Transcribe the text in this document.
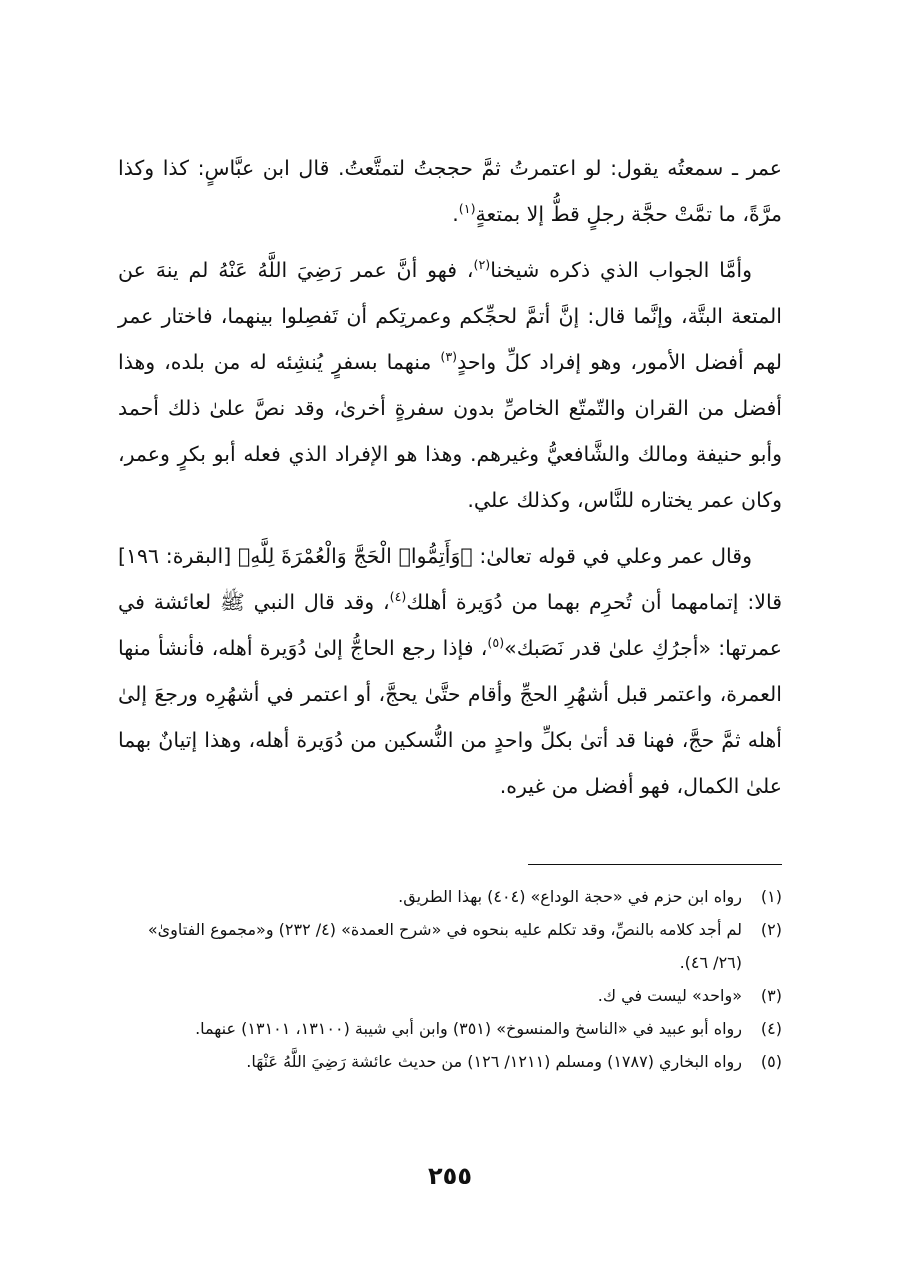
عمر ـ سمعتُه يقول: لو اعتمرتُ ثمَّ حججتُ لتمتَّعتُ. قال ابن عبَّاسٍ: كذا وكذا مرَّةً، ما تمَّتْ حجَّة رجلٍ قطُّ إلا بمتعةٍ$^{(١)}$.

وأمَّا الجواب الذي ذكره شيخنا$^{(٢)}$، فهو أنَّ عمر رَضِيَ اللَّهُ عَنْهُ لم ينهَ عن المتعة البتَّة، وإنَّما قال: إنَّ أتمَّ لحجِّكم وعمرتِكم أن تَفصِلوا بينهما، فاختار عمر لهم أفضل الأمور، وهو إفراد كلِّ واحدٍ$^{(٣)}$ منهما بسفرٍ يُنشِئه له من بلده، وهذا أفضل من القران والتّمتّع الخاصِّ بدون سفرةٍ أخرىٰ، وقد نصَّ علىٰ ذلك أحمد وأبو حنيفة ومالك والشَّافعيُّ وغيرهم. وهذا هو الإفراد الذي فعله أبو بكرٍ وعمر، وكان عمر يختاره للنَّاس، وكذلك علي.

وقال عمر وعلي في قوله تعالىٰ: ﴿وَأَتِمُّوا۟ الْحَجَّ وَالْعُمْرَةَ لِلَّهِ﴾ [البقرة: ١٩٦] قالا: إتمامهما أن تُحرِم بهما من دُوَيرة أهلك$^{(٤)}$، وقد قال النبي ﷺ لعائشة في عمرتها: «أجرُكِ علىٰ قدر نَصَبك»$^{(٥)}$، فإذا رجع الحاجُّ إلىٰ دُوَيرة أهله، فأنشأ منها العمرة، واعتمر قبل أشهُرِ الحجِّ وأقام حتَّىٰ يحجَّ، أو اعتمر في أشهُرِه ورجعَ إلىٰ أهله ثمَّ حجَّ، فهنا قد أتىٰ بكلِّ واحدٍ من النُّسكين من دُوَيرة أهله، وهذا إتيانٌ بهما علىٰ الكمال، فهو أفضل من غيره.

(١)
رواه ابن حزم في «حجة الوداع» (٤٠٤) بهذا الطريق.
(٢)
لم أجد كلامه بالنصِّ، وقد تكلم عليه بنحوه في «شرح العمدة» (٤/ ٢٣٢) و«مجموع الفتاوىٰ» (٢٦/ ٤٦).
(٣)
«واحد» ليست في ك.
(٤)
رواه أبو عبيد في «الناسخ والمنسوخ» (٣٥١) وابن أبي شيبة (١٣١٠٠، ١٣١٠١) عنهما.
(٥)
رواه البخاري (١٧٨٧) ومسلم (١٢١١/ ١٢٦) من حديث عائشة رَضِيَ اللَّهُ عَنْهَا.
٢٥٥
